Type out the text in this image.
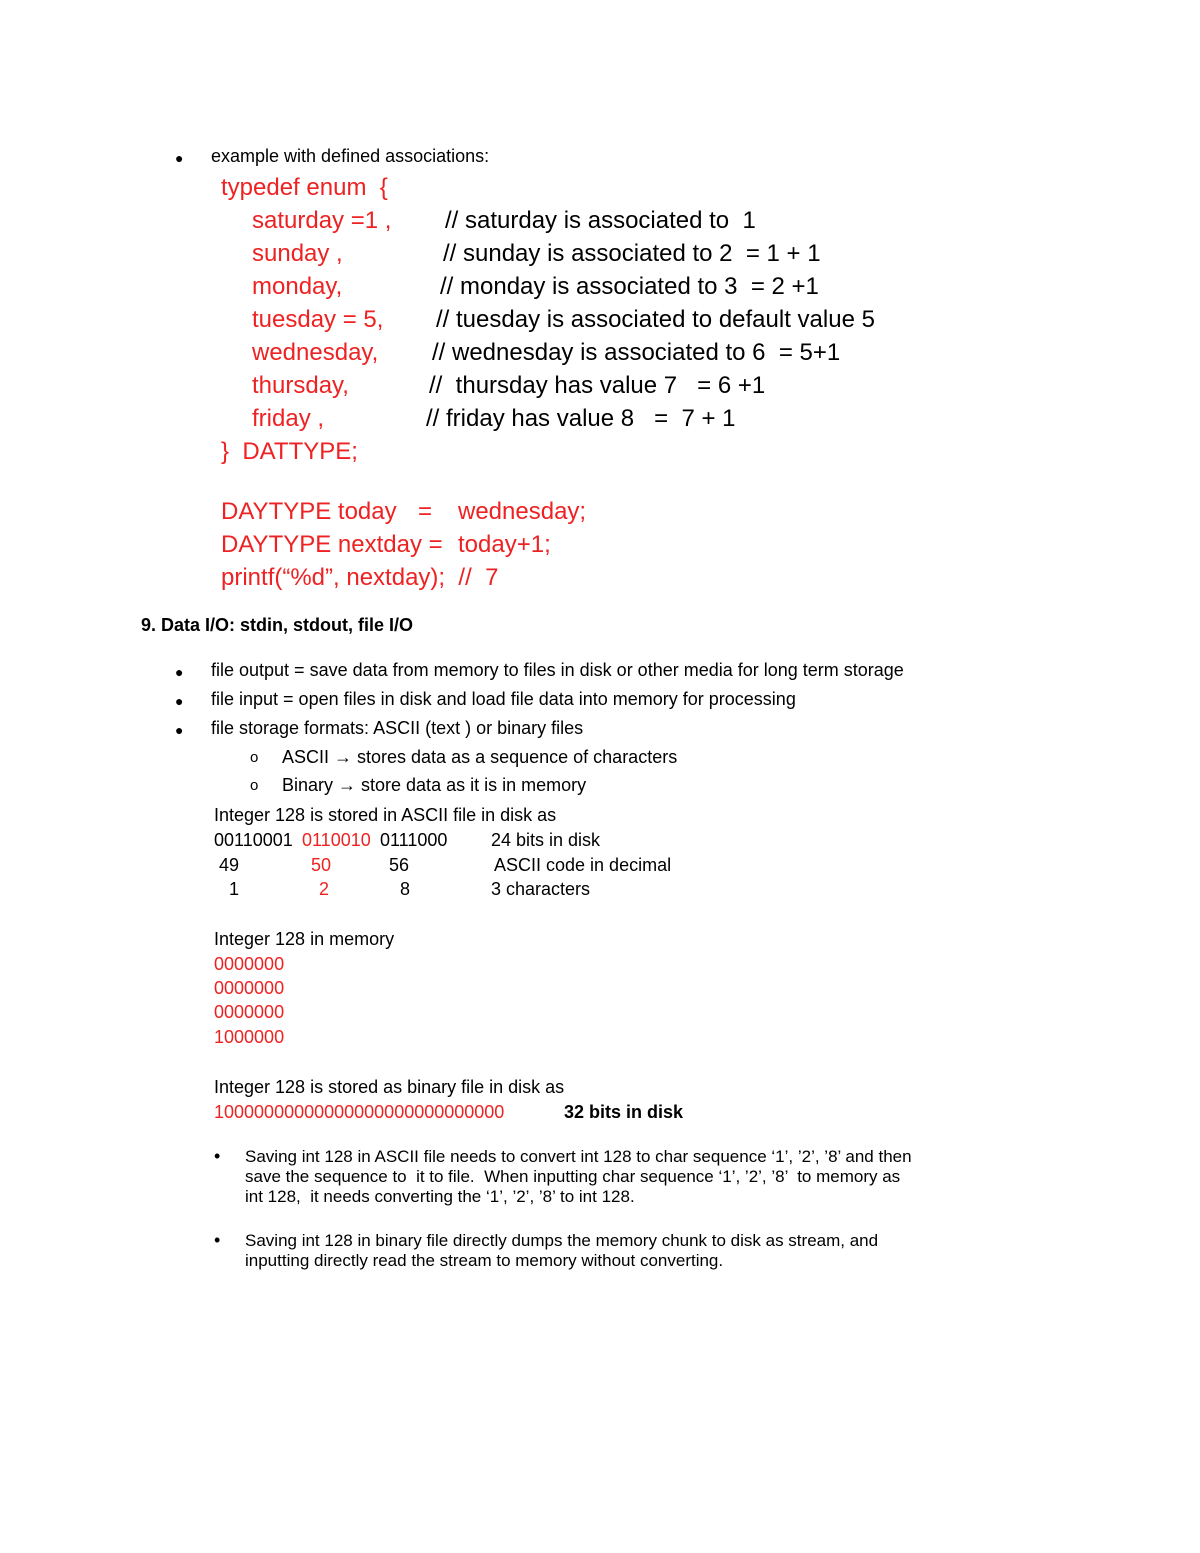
● example with defined associations:
typedef enum  {
saturday =1 , // saturday is associated to  1
sunday ,	// sunday is associated to 2  = 1 + 1
monday,	// monday is associated to 3  = 2 +1
tuesday = 5, // tuesday is associated to default value 5
wednesday, // wednesday is associated to 6  = 5+1
thursday,	//  thursday has value 7   = 6 +1
friday ,	// friday has value 8   =  7 + 1
}  DATTYPE;
DAYTYPE today = wednesday;
DAYTYPE nextday = today+1;
printf(“%d”, nextday);  //  7
9. Data I/O: stdin, stdout, file I/O
● file output = save data from memory to files in disk or other media for long term storage
● file input = open files in disk and load file data into memory for processing
● file storage formats: ASCII (text ) or binary files
o ASCII → stores data as a sequence of characters
o Binary → store data as it is in memory
Integer 128 is stored in ASCII file in disk as
00110001 0110010 0111000 24 bits in disk
49	50	56	ASCII code in decimal
1	2	8	3 characters
Integer 128 in memory
0000000
0000000
0000000
1000000
Integer 128 is stored as binary file in disk as
10000000000000000000000000000	32 bits in disk
• Saving int 128 in ASCII file needs to convert int 128 to char sequence ‘1’, ’2’, ’8’ and then
save the sequence to  it to file.  When inputting char sequence ‘1’, ’2’, ’8’  to memory as
int 128,  it needs converting the ‘1’, ’2’, ’8’ to int 128.
• Saving int 128 in binary file directly dumps the memory chunk to disk as stream, and
inputting directly read the stream to memory without converting.
